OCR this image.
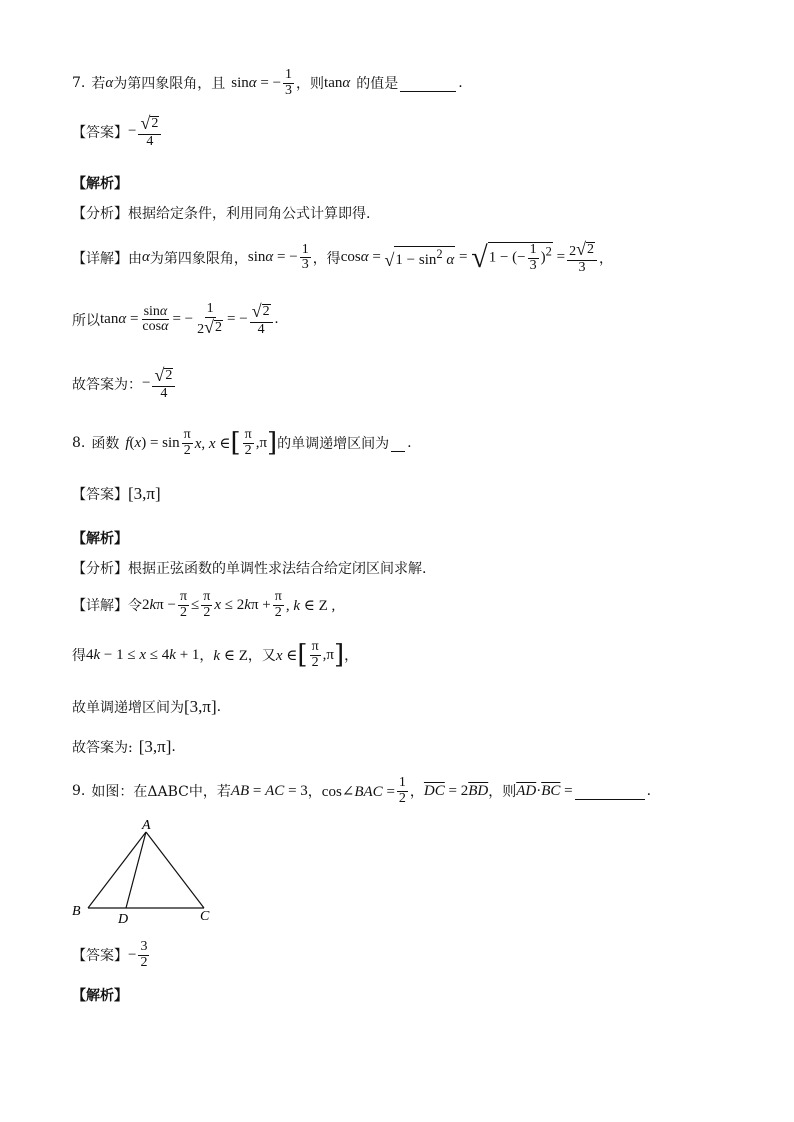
7. 若 α 为第四象限角，且 sinα = − $\frac{1}{3}$ ，则 tanα 的值是
	.
【答案】 − $\frac{√ 2}{4}$
【解析】
【分析】 根据给定条件，利用同角公式计算即得.
【详解】 由 α 为第四象限角， sinα = − $\frac{1}{3}$ ，得 cosα = √ $1 - \sin^2 \alpha$ = √ 1 − (− $\frac{1}{3} )^2 = \frac{2 √ 2}{3}$ ，
所以 $\tan\alpha = \frac{\sin\alpha}{\cos\alpha}$ = − $\frac{1}{2 √ 2}$ = − $\frac{√ 2}{4}$ .
故答案为： − $\frac{√ 2}{4}$
8. 函数 $f(x) = \sin \frac{\pi}{2} x$, x ∈ [ $\frac{\pi}{2} ,\pi$ ] 的单调递增区间为
.
【答案】 [3,π]
【解析】
【分析】 根据正弦函数的单调性求法结合给定闭区间求解.
【详解】 令 $2k\pi - \frac{\pi}{2} \le \frac{\pi}{2}$ $x \le 2k\pi + \frac{\pi}{2}$ , k ∈ Z ,
得 4k − 1 ≤ x ≤ 4k + 1 ， k ∈ Z ，又 x ∈ [ $\frac{\pi}{2} ,\pi$ ] ，
故单调递增区间为 [3,π] .
故答案为: [3,π] .
9. 如图：在ΔABC中，若 AB = AC = 3 ， cos∠BAC = $\frac{1}{2}$ ， $\overline{DC} = 2$ $\overline{BD}$ ，则 $\overline{AD} \cdot \overline{BC}$ =
	.
A
B
D	C
【答案】 − $\frac{3}{2}$
【解析】
